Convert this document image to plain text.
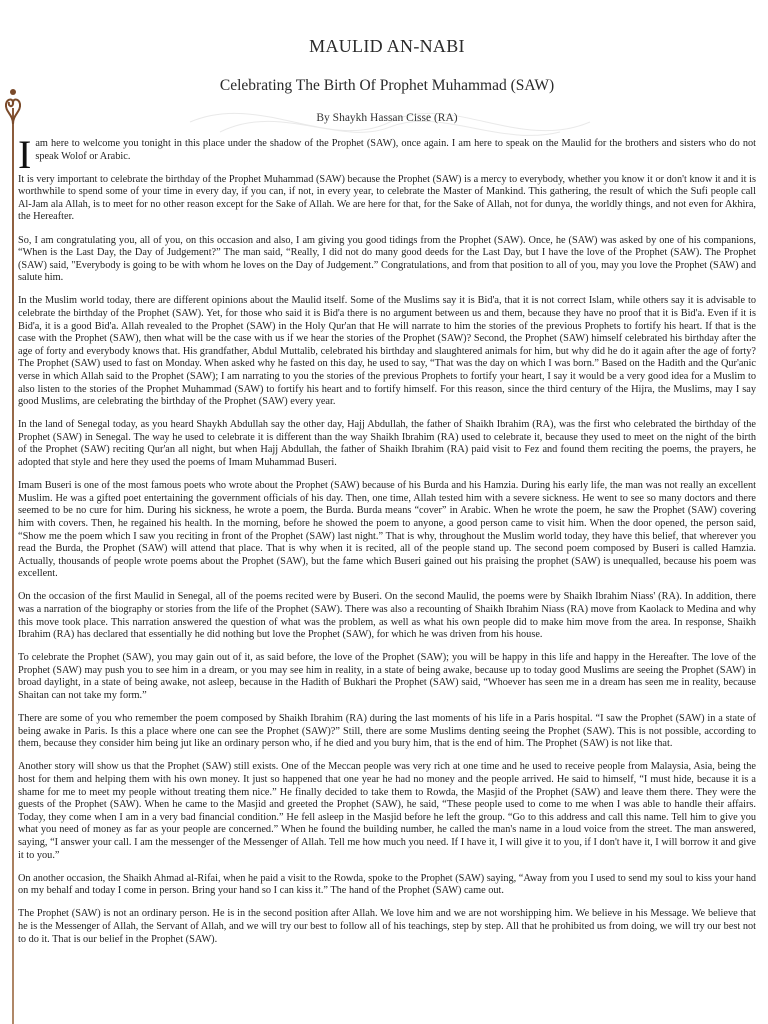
MAULID AN-NABI
Celebrating The Birth Of Prophet Muhammad (SAW)
By Shaykh Hassan Cisse (RA)

Iam here to welcome you tonight in this place under the shadow of the Prophet (SAW), once again. I am here to speak on the Maulid for the brothers and sisters who do not speak Wolof or Arabic.

It is very important to celebrate the birthday of the Prophet Muhammad (SAW) because the Prophet (SAW) is a mercy to everybody, whether you know it or don't know it and it is worthwhile to spend some of your time in every day, if you can, if not, in every year, to celebrate the Master of Mankind. This gathering, the result of which the Sufi people call Al-Jam ala Allah, is to meet for no other reason except for the Sake of Allah. We are here for that, for the Sake of Allah, not for dunya, the worldly things, and not even for Akhira, the Hereafter.

So, I am congratulating you, all of you, on this occasion and also, I am giving you good tidings from the Prophet (SAW). Once, he (SAW) was asked by one of his companions, “When is the Last Day, the Day of Judgement?” The man said, “Really, I did not do many good deeds for the Last Day, but I have the love of the Prophet (SAW). The Prophet (SAW) said, "Everybody is going to be with whom he loves on the Day of Judgement.” Congratulations, and from that position to all of you, may you love the Prophet (SAW) and salute him.

In the Muslim world today, there are different opinions about the Maulid itself. Some of the Muslims say it is Bid'a, that it is not correct Islam, while others say it is advisable to celebrate the birthday of the Prophet (SAW). Yet, for those who said it is Bid'a there is no argument between us and them, because they have no proof that it is Bid'a. Even if it is Bid'a, it is a good Bid'a. Allah revealed to the Prophet (SAW) in the Holy Qur'an that He will narrate to him the stories of the previous Prophets to fortify his heart. If that is the case with the Prophet (SAW), then what will be the case with us if we hear the stories of the Prophet (SAW)? Second, the Prophet (SAW) himself celebrated his birthday after the age of forty and everybody knows that. His grandfather, Abdul Muttalib, celebrated his birthday and slaughtered animals for him, but why did he do it again after the age of forty? The Prophet (SAW) used to fast on Monday. When asked why he fasted on this day, he used to say, “That was the day on which I was born.” Based on the Hadith and the Qur'anic verse in which Allah said to the Prophet (SAW); I am narrating to you the stories of the previous Prophets to fortify your heart, I say it would be a very good idea for a Muslim to also listen to the stories of the Prophet Muhammad (SAW) to fortify his heart and to fortify himself. For this reason, since the third century of the Hijra, the Muslims, may I say good Muslims, are celebrating the birthday of the Prophet (SAW) every year.

In the land of Senegal today, as you heard Shaykh Abdullah say the other day, Hajj Abdullah, the father of Shaikh Ibrahim (RA), was the first who celebrated the birthday of the Prophet (SAW) in Senegal. The way he used to celebrate it is different than the way Shaikh Ibrahim (RA) used to celebrate it, because they used to meet on the night of the birth of the Prophet (SAW) reciting Qur'an all night, but when Hajj Abdullah, the father of Shaikh Ibrahim (RA) paid visit to Fez and found them reciting the poems, the prayers, he adopted that style and here they used the poems of Imam Muhammad Buseri.

Imam Buseri is one of the most famous poets who wrote about the Prophet (SAW) because of his Burda and his Hamzia. During his early life, the man was not really an excellent Muslim. He was a gifted poet entertaining the government officials of his day. Then, one time, Allah tested him with a severe sickness. He went to see so many doctors and there seemed to be no cure for him. During his sickness, he wrote a poem, the Burda. Burda means “cover” in Arabic. When he wrote the poem, he saw the Prophet (SAW) covering him with covers. Then, he regained his health. In the morning, before he showed the poem to anyone, a good person came to visit him. When the door opened, the person said, “Show me the poem which I saw you reciting in front of the Prophet (SAW) last night.” That is why, throughout the Muslim world today, they have this belief, that wherever you read the Burda, the Prophet (SAW) will attend that place. That is why when it is recited, all of the people stand up. The second poem composed by Buseri is called Hamzia. Actually, thousands of people wrote poems about the Prophet (SAW), but the fame which Buseri gained out his praising the prophet (SAW) is unequalled, because his poem was excellent.

On the occasion of the first Maulid in Senegal, all of the poems recited were by Buseri. On the second Maulid, the poems were by Shaikh Ibrahim Niass' (RA). In addition, there was a narration of the biography or stories from the life of the Prophet (SAW). There was also a recounting of Shaikh Ibrahim Niass (RA) move from Kaolack to Medina and why this move took place. This narration answered the question of what was the problem, as well as what his own people did to make him move from the area. In response, Shaikh Ibrahim (RA) has declared that essentially he did nothing but love the Prophet (SAW), for which he was driven from his house.

To celebrate the Prophet (SAW), you may gain out of it, as said before, the love of the Prophet (SAW); you will be happy in this life and happy in the Hereafter. The love of the Prophet (SAW) may push you to see him in a dream, or you may see him in reality, in a state of being awake, because up to today good Muslims are seeing the Prophet (SAW) in broad daylight, in a state of being awake, not asleep, because in the Hadith of Bukhari the Prophet (SAW) said, “Whoever has seen me in a dream has seen me in reality, because Shaitan can not take my form.”

There are some of you who remember the poem composed by Shaikh Ibrahim (RA) during the last moments of his life in a Paris hospital. “I saw the Prophet (SAW) in a state of being awake in Paris. Is this a place where one can see the Prophet (SAW)?” Still, there are some Muslims denting seeing the Prophet (SAW). This is not possible, according to them, because they consider him being jut like an ordinary person who, if he died and you bury him, that is the end of him. The Prophet (SAW) is not like that.

Another story will show us that the Prophet (SAW) still exists. One of the Meccan people was very rich at one time and he used to receive people from Malaysia, Asia, being the host for them and helping them with his own money. It just so happened that one year he had no money and the people arrived. He said to himself, “I must hide, because it is a shame for me to meet my people without treating them nice.” He finally decided to take them to Rowda, the Masjid of the Prophet (SAW) and leave them there. They were the guests of the Prophet (SAW). When he came to the Masjid and greeted the Prophet (SAW), he said, “These people used to come to me when I was able to handle their affairs. Today, they come when I am in a very bad financial condition.” He fell asleep in the Masjid before he left the group. “Go to this address and call this name. Tell him to give you what you need of money as far as your people are concerned.” When he found the building number, he called the man's name in a loud voice from the street. The man answered, saying, “I answer your call. I am the messenger of the Messenger of Allah. Tell me how much you need. If I have it, I will give it to you, if I don't have it, I will borrow it and give it to you.”

On another occasion, the Shaikh Ahmad al-Rifai, when he paid a visit to the Rowda, spoke to the Prophet (SAW) saying, “Away from you I used to send my soul to kiss your hand on my behalf and today I come in person. Bring your hand so I can kiss it.” The hand of the Prophet (SAW) came out.

The Prophet (SAW) is not an ordinary person. He is in the second position after Allah. We love him and we are not worshipping him. We believe in his Message. We believe that he is the Messenger of Allah, the Servant of Allah, and we will try our best to follow all of his teachings, step by step. All that he prohibited us from doing, we will try our best not to do it. That is our belief in the Prophet (SAW).
